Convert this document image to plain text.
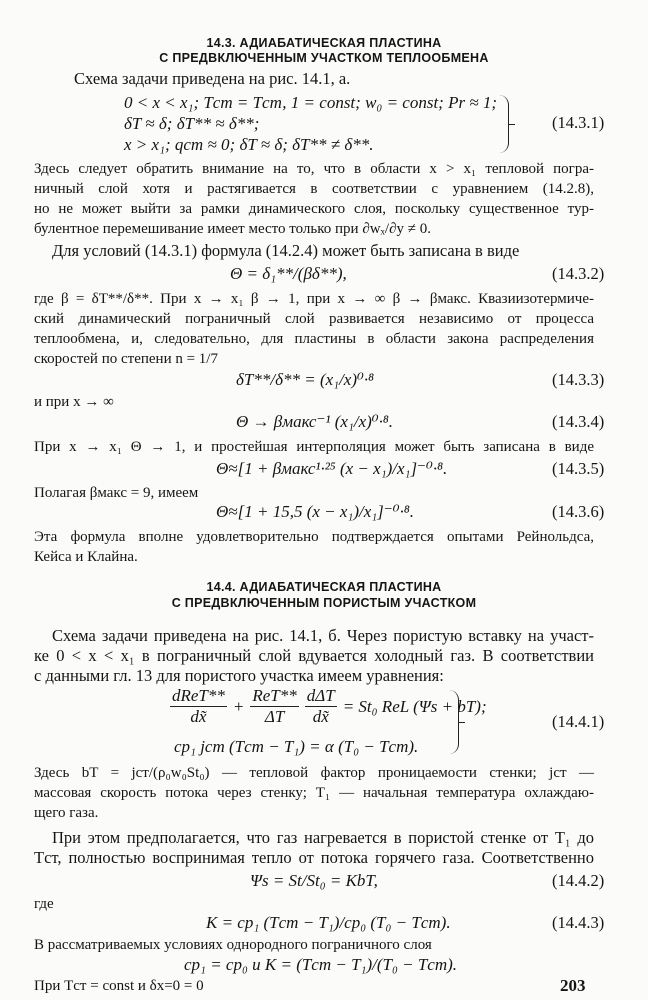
14.3. АДИАБАТИЧЕСКАЯ ПЛАСТИНА
С ПРЕДВКЛЮЧЕННЫМ УЧАСТКОМ ТЕПЛООБМЕНА
Схема задачи приведена на рис. 14.1, а.
0 < x < x₁; Tст = Tст, 1 = const; w₀ = const; Pr ≈ 1;
δT ≈ δ; δT** ≈ δ**;
x > x₁; qст ≈ 0; δT ≈ δ; δT** ≠ δ**.
(14.3.1)
Здесь следует обратить внимание на то, что в области x > x₁ тепловой погра-
ничный слой хотя и растягивается в соответствии с уравнением (14.2.8),
но не может выйти за рамки динамического слоя, поскольку существенное тур-
булентное перемешивание имеет место только при ∂wₓ/∂y ≠ 0.
Для условий (14.3.1) формула (14.2.4) может быть записана в виде
Θ = δ₁**/(βδ**),	(14.3.2)
где β = δT**/δ**. При x → x₁ β → 1, при x → ∞ β → βмакс. Квазиизотермиче-
ский динамический пограничный слой развивается независимо от процесса
теплообмена, и, следовательно, для пластины в области закона распределения
скоростей по степени n = 1/7
δT**/δ** = (x₁/x)⁰·⁸	(14.3.3)
и при x → ∞
Θ → βмакс⁻¹ (x₁/x)⁰·⁸.	(14.3.4)
При x → x₁ Θ → 1, и простейшая интерполяция может быть записана в виде
Θ≈[1 + βмакс¹·²⁵ (x − x₁)/x₁]⁻⁰·⁸.	(14.3.5)
Полагая βмакс = 9, имеем
Θ≈[1 + 15,5 (x − x₁)/x₁]⁻⁰·⁸.	(14.3.6)
Эта формула вполне удовлетворительно подтверждается опытами Рейнольдса,
Кейса и Клайна.
14.4. АДИАБАТИЧЕСКАЯ ПЛАСТИНА
С ПРЕДВКЛЮЧЕННЫМ ПОРИСТЫМ УЧАСТКОМ
Схема задачи приведена на рис. 14.1, б. Через пористую вставку на участ-
ке 0 < x < x₁ в пограничный слой вдувается холодный газ. В соответствии
с данными гл. 13 для пористого участка имеем уравнения:
$\frac{\text{dReT**}}{dx̃} + \frac{\text{ReT**}}{\Delta T} \frac{\text{dΔT}}{dx̃} = St_0$ ReL (Ψs + bT);
cp₁ jст (Tст − T₁) = α (T₀ − Tст).
(14.4.1)
Здесь bT = jст/(ρ₀w₀St₀) — тепловой фактор проницаемости стенки; jст —
массовая скорость потока через стенку; T₁ — начальная температура охлаждаю-
щего газа.
При этом предполагается, что газ нагревается в пористой стенке от T₁ до
Tст, полностью воспринимая тепло от потока горячего газа. Соответственно
Ψs = St/St₀ = KbT,	(14.4.2)
где
K = cp₁ (Tст − T₁)/cp₀ (T₀ − Tст).	(14.4.3)
В рассматриваемых условиях однородного пограничного слоя
cp₁ = cp₀ и K = (Tст − T₁)/(T₀ − Tст).
При Tст = const и δx=0 = 0	203
